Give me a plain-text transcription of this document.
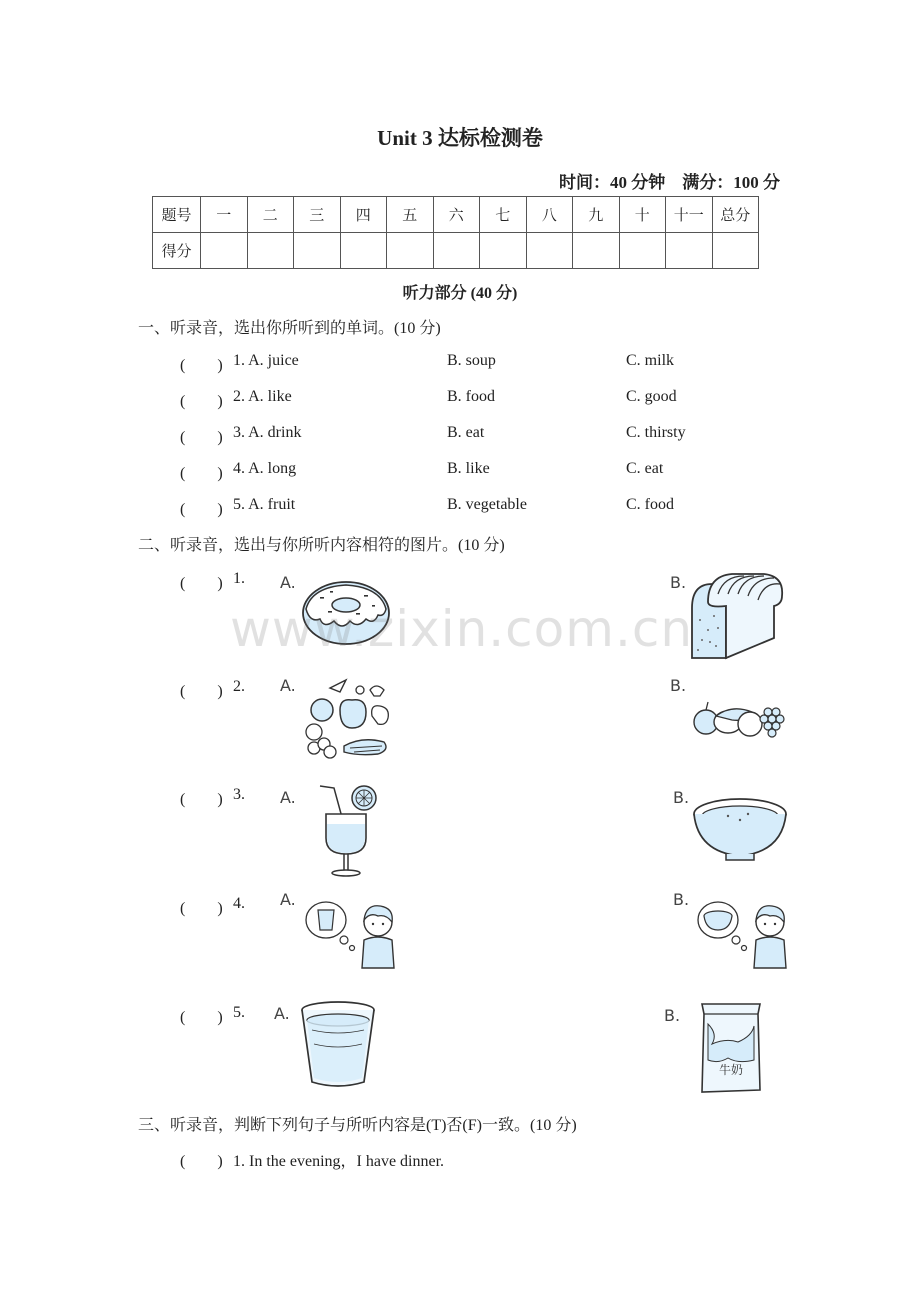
Unit 3 达标检测卷
时间：40 分钟　满分：100 分
题号	一	二	三	四	五	六	七	八	九	十	十一	总分
得分												
听力部分 (40 分)
一、听录音，选出你所听到的单词。(10 分)
(　　) 1. A. juice	B. soup	C. milk
(　　) 2. A. like	B. food	C. good
(　　) 3. A. drink	B. eat	C. thirsty
(　　) 4. A. long	B. like	C. eat
(　　) 5. A. fruit	B. vegetable	C. food
二、听录音，选出与你所听内容相符的图片。(10 分)
(　　) 1. A.	B.
(　　) 2. A.	B.
(　　) 3. A.	B.
(　　) 4. A.	B.
(　　) 5. A.	B.
牛奶
三、听录音，判断下列句子与所听内容是(T)否(F)一致。(10 分)
(　　) 1. In the evening，I have dinner.
www.zixin.com.cn
